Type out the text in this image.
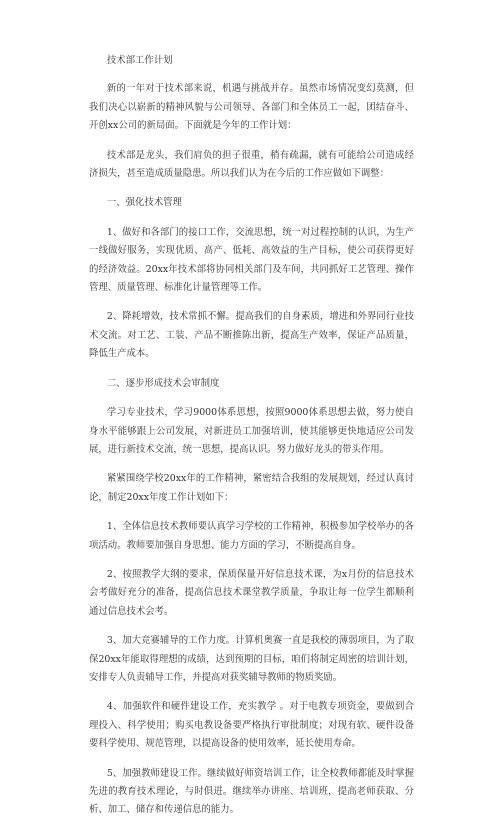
技术部工作计划

新的一年对于技术部来说，机遇与挑战并存。虽然市场情况变幻莫测，但我们决心以崭新的精神风貌与公司领导、各部门和全体员工一起，团结奋斗、开创xx公司的新局面。下面就是今年的工作计划：

技术部是龙头，我们肩负的担子很重，稍有疏漏，就有可能给公司造成经济损失，甚至造成质量隐患。所以我们认为在今后的工作应做如下调整：

一、强化技术管理

1、做好和各部门的接口工作，交流思想，统一对过程控制的认识，为生产一线做好服务，实现优质、高产、低耗、高效益的生产目标，使公司获得更好的经济效益。20xx年技术部将协同相关部门及车间，共同抓好工艺管理、操作管理、质量管理、标准化计量管理等工作。

2、降耗增效，技术常抓不懈。提高我们的自身素质，增进和外界同行业技术交流。对工艺、工装、产品不断推陈出新，提高生产效率，保证产品质量，降低生产成本。

二、逐步形成技术会审制度

学习专业技术，学习9000体系思想，按照9000体系思想去做，努力使自身水平能够跟上公司发展，对新进员工加强培训，使其能够更快地适应公司发展，进行新技术交流，统一思想，提高认识。努力做好龙头的带头作用。

紧紧围绕学校20xx年的工作精神，紧密结合我组的发展规划，经过认真讨论，制定20xx年度工作计划如下：

1、全体信息技术教师要认真学习学校的工作精神，积极参加学校举办的各项活动。教师要加强自身思想、能力方面的学习，不断提高自身。

2、按照教学大纲的要求，保质保量开好信息技术课，为x月份的信息技术会考做好充分的准备，提高信息技术课堂教学质量，争取让每一位学生都顺利通过信息技术会考。

3、加大竞赛辅导的工作力度。计算机奥赛一直是我校的薄弱项目，为了取保20xx年能取得理想的成绩，达到预期的目标，咱们将制定周密的培训计划，安排专人负责辅导工作，并提高对获奖辅导教师的物质奖励。

4、加强软件和硬件建设工作，充实教学 。对于电教专项资金，要做到合理投入、科学使用；购买电教设备要严格执行审批制度；对现有软、硬件设备要科学使用、规范管理，以提高设备的使用效率，延长使用寿命。

5、加强教师建设工作。继续做好师资培训工作，让全校教师都能及时掌握先进的教育技术理论，与时俱进。继续举办讲座、培训班，提高老师获取、分析、加工、储存和传递信息的能力。
